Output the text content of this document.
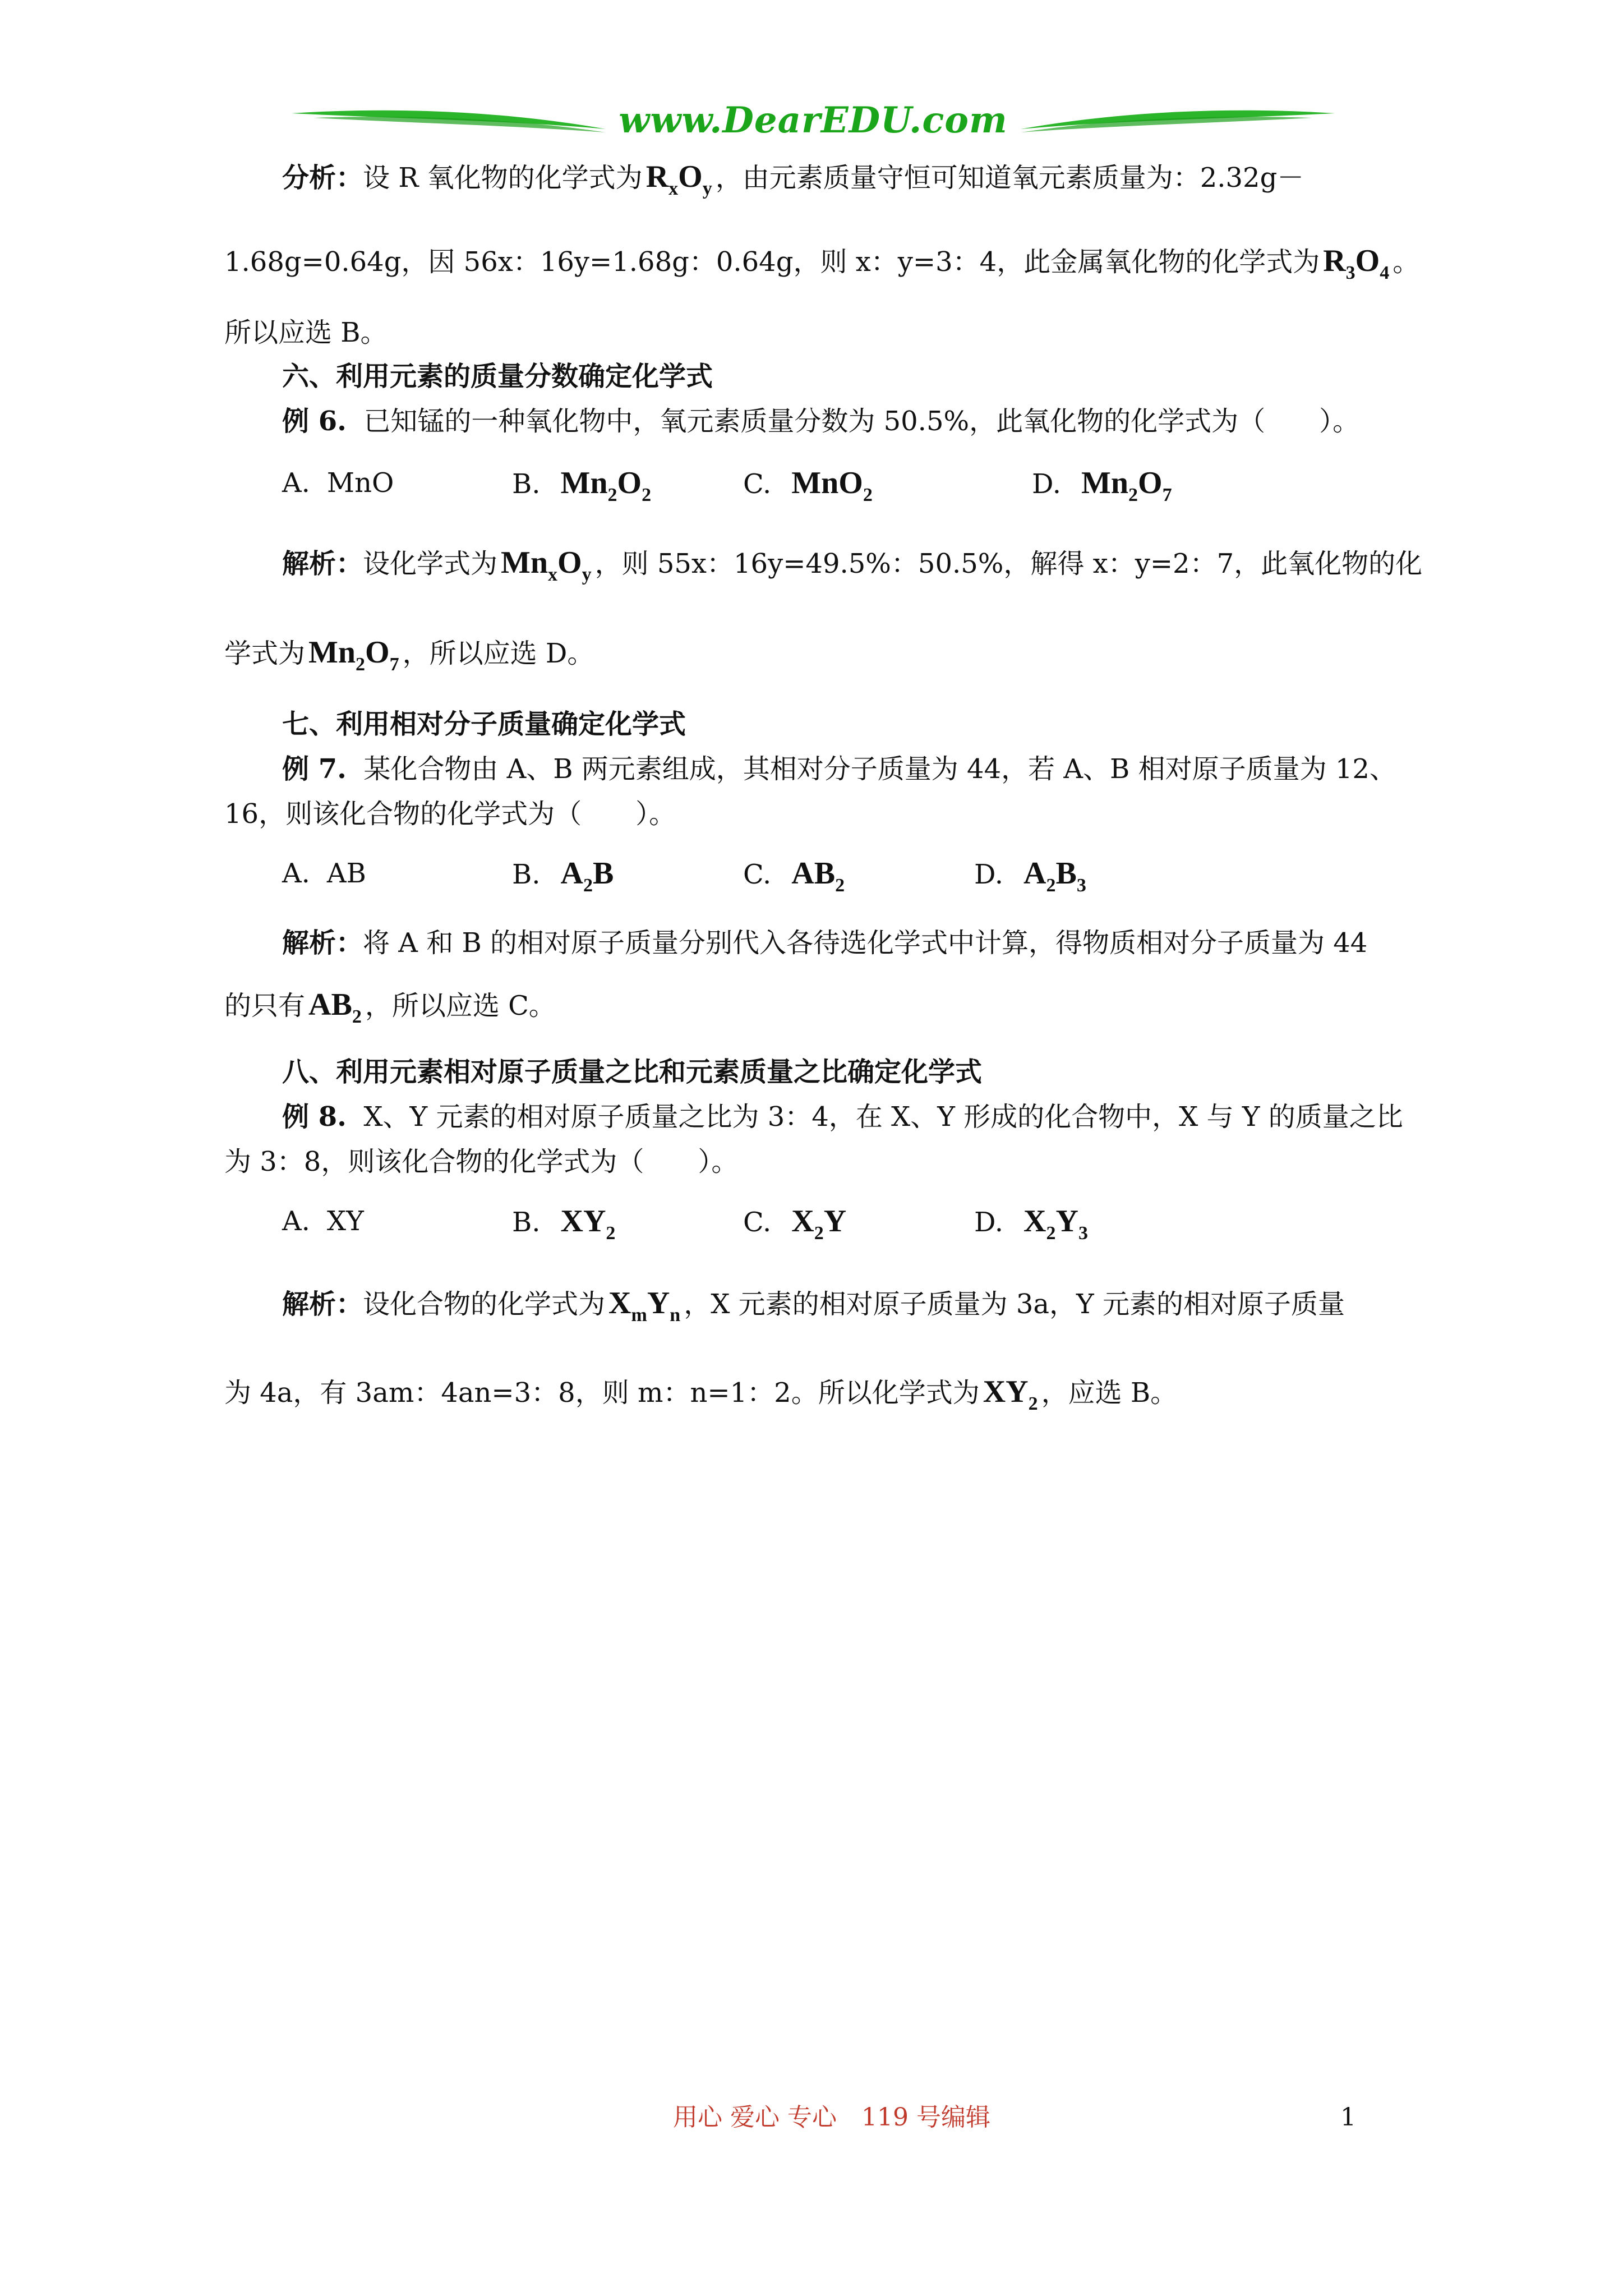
www.DearEDU.com
分析：设 R 氧化物的化学式为 $R_xO_y$ ，由元素质量守恒可知道氧元素质量为：2.32g－
1.68g=0.64g，因 56x：16y=1.68g：0.64g，则 x：y=3：4，此金属氧化物的化学式为 $R_3O_4$ 。
所以应选 B。
六、利用元素的质量分数确定化学式
例 6. 已知锰的一种氧化物中，氧元素质量分数为 50.5%，此氧化物的化学式为（　　）。
A. MnO	B. $Mn_2O_2$	C. MnO$_2$	D. $Mn_2O_7$
解析：设化学式为 $Mn_xO_y$ ，则 55x：16y=49.5%：50.5%，解得 x：y=2：7，此氧化物的化
学式为 $Mn_2O_7$ ，所以应选 D。
七、利用相对分子质量确定化学式
例 7. 某化合物由 A、B 两元素组成，其相对分子质量为 44，若 A、B 相对原子质量为 12、
16，则该化合物的化学式为（　　）。
A. AB	B. $A_2B$	C. $AB_2$	D. $A_2B_3$
解析：将 A 和 B 的相对原子质量分别代入各待选化学式中计算，得物质相对分子质量为 44
的只有 $AB_2$ ，所以应选 C。
八、利用元素相对原子质量之比和元素质量之比确定化学式
例 8. X、Y 元素的相对原子质量之比为 3：4，在 X、Y 形成的化合物中，X 与 Y 的质量之比
为 3：8，则该化合物的化学式为（　　）。
A. XY	B. $XY_2$	C. $X_2Y$	D. $X_2Y_3$
解析：设化合物的化学式为 $X_mY_n$ ，X 元素的相对原子质量为 3a，Y 元素的相对原子质量
为 4a，有 3am：4an=3：8，则 m：n=1：2。所以化学式为 $XY_2$ ，应选 B。
用心 爱心 专心　119 号编辑	1
